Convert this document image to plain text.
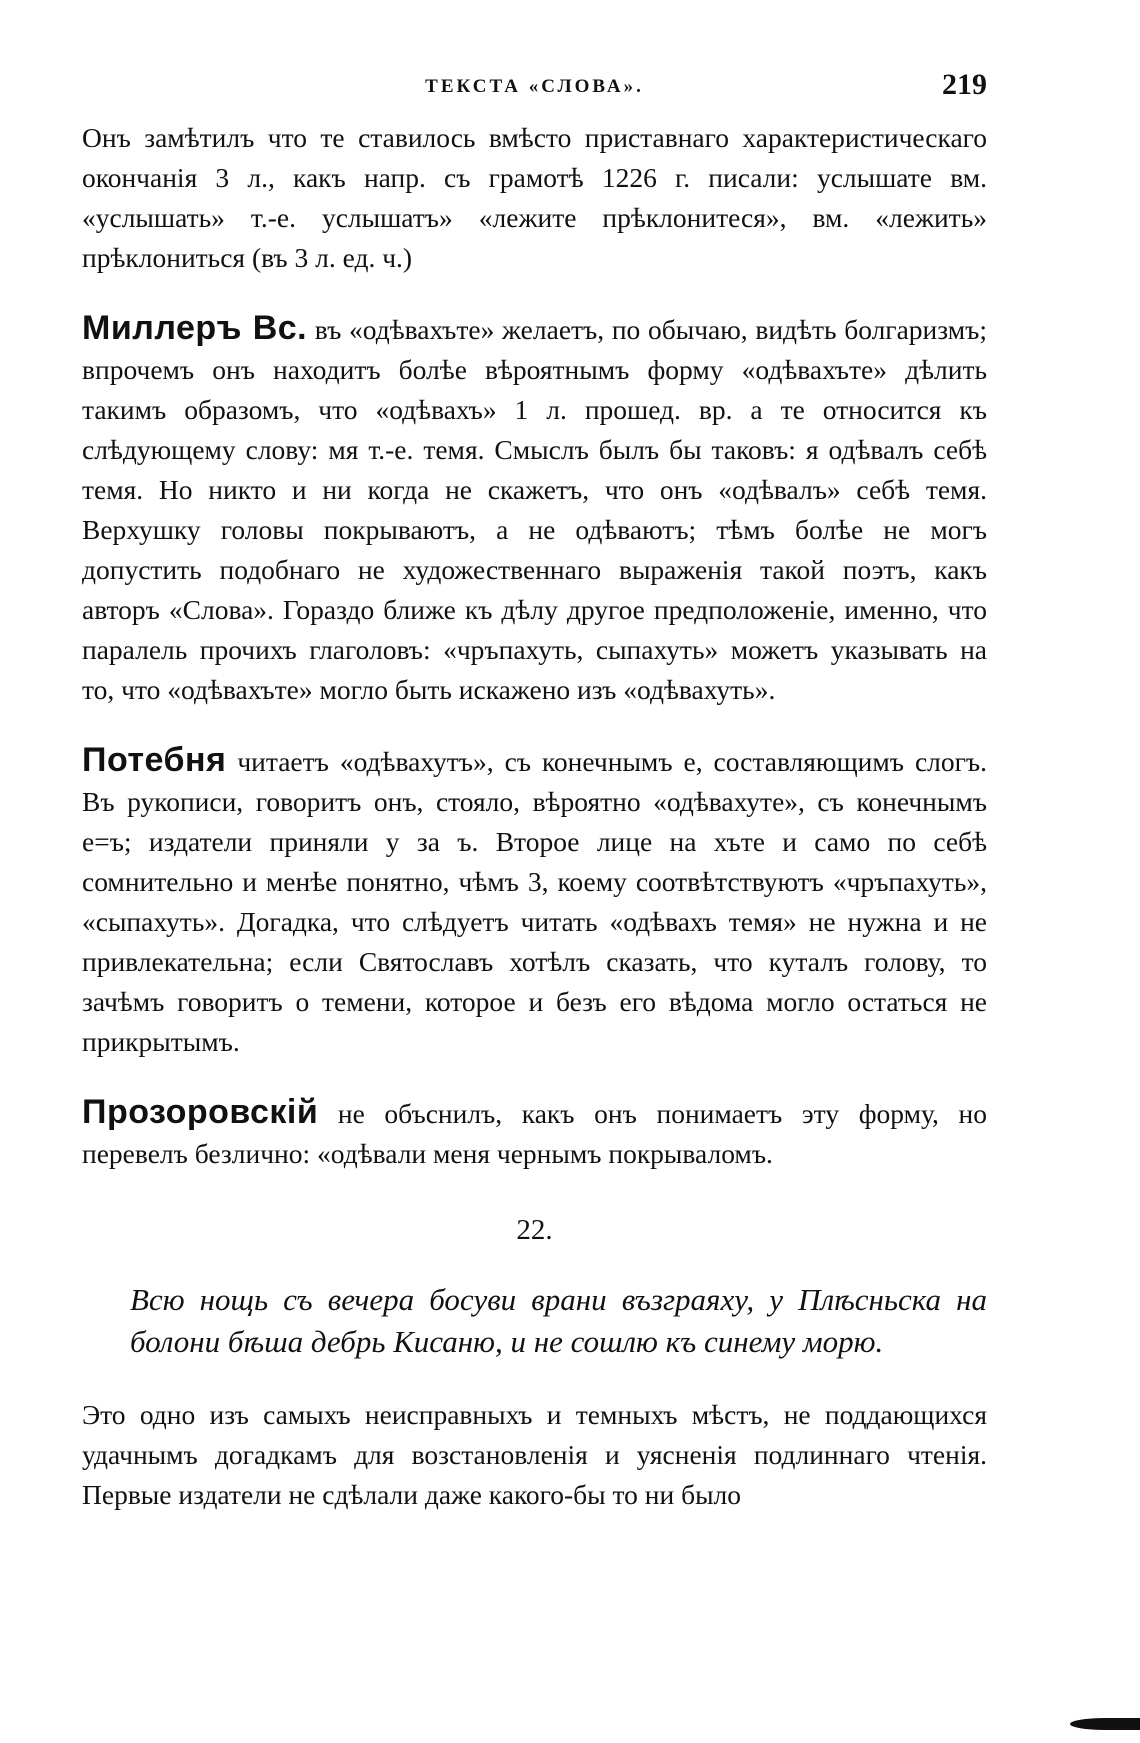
ТЕКСТА «СЛОВА».	219

Онъ замѣтилъ что те ставилось вмѣсто приставнаго характеристическаго окончанія 3 л., какъ напр. съ грамотѣ 1226 г. писали: услышате вм. «услышать» т.-е. услышатъ» «лежите прѣклонитеся», вм. «лежить» прѣклониться (въ 3 л. ед. ч.)

Миллеръ Вс. въ «одѣвахъте» желаетъ, по обычаю, видѣть болгаризмъ; впрочемъ онъ находитъ болѣе вѣроятнымъ форму «одѣвахъте» дѣлить такимъ образомъ, что «одѣвахъ» 1 л. прошед. вр. а те относится къ слѣдующему слову: мя т.-е. темя. Смыслъ былъ бы таковъ: я одѣвалъ себѣ темя. Но никто и ни когда не скажетъ, что онъ «одѣвалъ» себѣ темя. Верхушку головы покрываютъ, а не одѣваютъ; тѣмъ болѣе не могъ допустить подобнаго не художественнаго выраженія такой поэтъ, какъ авторъ «Слова». Гораздо ближе къ дѣлу другое предположеніе, именно, что паралель прочихъ глаголовъ: «чръпахуть, сыпахуть» можетъ указывать на то, что «одѣвахъте» могло быть искажено изъ «одѣвахуть».

Потебня читаетъ «одѣвахутъ», съ конечнымъ е, составляющимъ слогъ. Въ рукописи, говоритъ онъ, стояло, вѣроятно «одѣвахуте», съ конечнымъ е=ъ; издатели приняли у за ъ. Второе лице на хъте и само по себѣ сомнительно и менѣе понятно, чѣмъ 3, коему соотвѣтствуютъ «чръпахуть», «сыпахуть». Догадка, что слѣдуетъ читать «одѣвахъ темя» не нужна и не привлекательна; если Святославъ хотѣлъ сказать, что куталъ голову, то зачѣмъ говоритъ о темени, которое и безъ его вѣдома могло остаться не прикрытымъ.

Прозоровскій не объснилъ, какъ онъ понимаетъ эту форму, но перевелъ безлично: «одѣвали меня чернымъ покрываломъ.

22.

Всю нощь съ вечера босуви врани възграяху, у Плѣсньска на болони бѣша дебрь Кисаню, и не сошлю къ синему морю.

Это одно изъ самыхъ неисправныхъ и темныхъ мѣстъ, не поддающихся удачнымъ догадкамъ для возстановленія и уясненія подлиннаго чтенія. Первые издатели не сдѣлали даже какого-бы то ни было
